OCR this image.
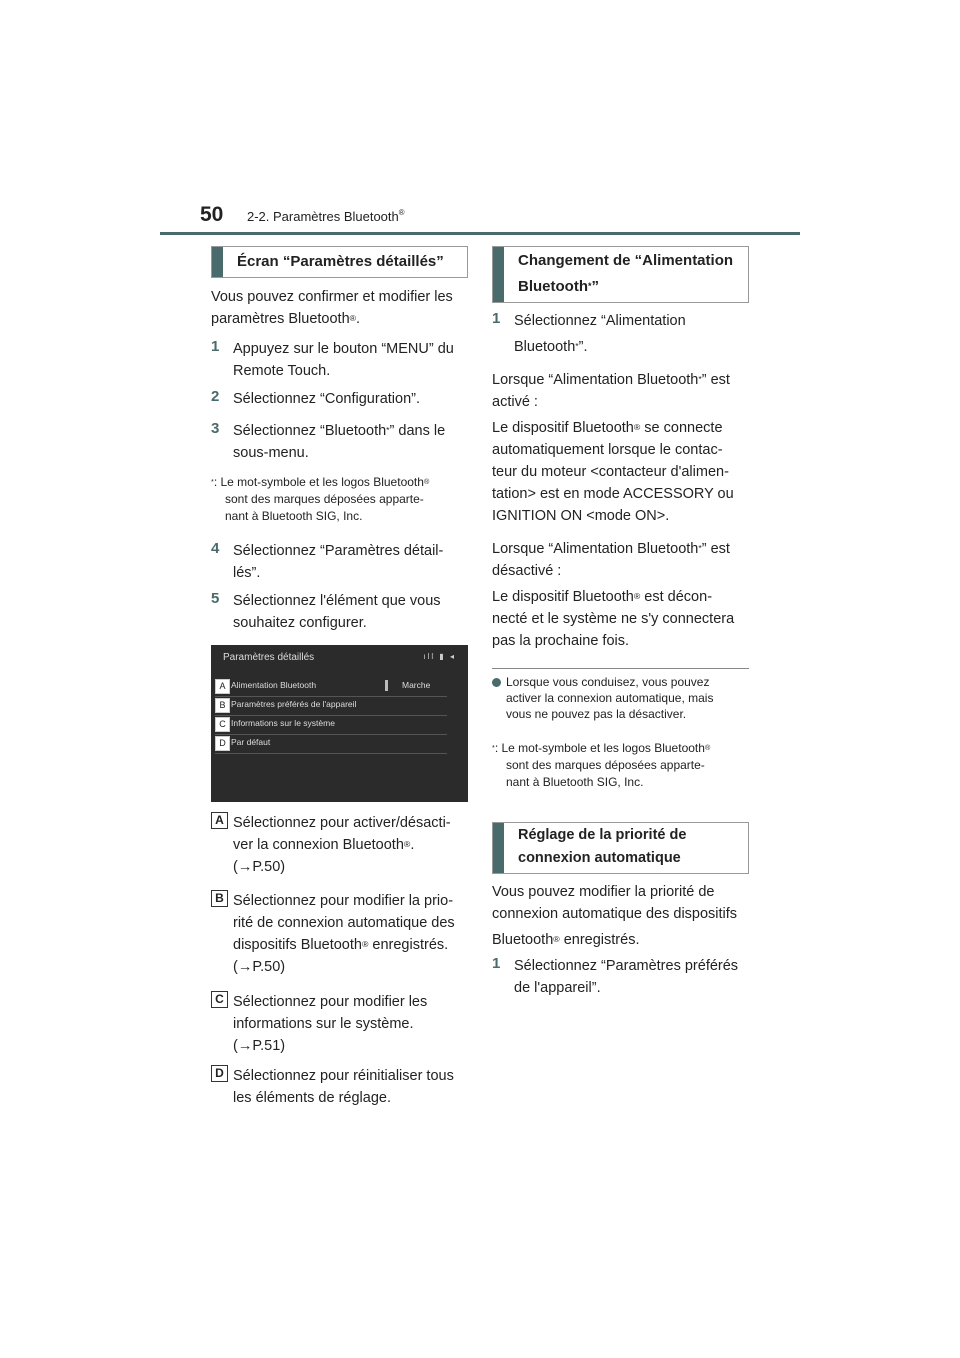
50 2-2. Paramètres Bluetooth®
Écran “Paramètres détaillés”
Vous pouvez confirmer et modifier les
paramètres Bluetooth®.
1 Appuyez sur le bouton “MENU” du
Remote Touch.
2 Sélectionnez “Configuration”.
3 Sélectionnez “Bluetooth*” dans le
sous-menu.
*: Le mot-symbole et les logos Bluetooth®
sont des marques déposées apparte-
nant à Bluetooth SIG, Inc.
4 Sélectionnez “Paramètres détail-
lés”.
5 Sélectionnez l'élément que vous
souhaitez configurer.
Paramètres détaillés	ıll ▮ ◂
A Alimentation Bluetooth	Marche
B Paramètres préférés de l'appareil
C Informations sur le système
D Par défaut
A Sélectionnez pour activer/désacti-
ver la connexion Bluetooth®.
(→P.50)
B Sélectionnez pour modifier la prio-
rité de connexion automatique des
dispositifs Bluetooth® enregistrés.
(→P.50)
C Sélectionnez pour modifier les
informations sur le système.
(→P.51)
D Sélectionnez pour réinitialiser tous
les éléments de réglage.
Changement de “Alimentation
Bluetooth*”
1 Sélectionnez “Alimentation
Bluetooth*”.
Lorsque “Alimentation Bluetooth*” est
activé :
Le dispositif Bluetooth® se connecte
automatiquement lorsque le contac-
teur du moteur <contacteur d'alimen-
tation> est en mode ACCESSORY ou
IGNITION ON <mode ON>.
Lorsque “Alimentation Bluetooth*” est
désactivé :
Le dispositif Bluetooth® est décon-
necté et le système ne s'y connectera
pas la prochaine fois.
Lorsque vous conduisez, vous pouvez
activer la connexion automatique, mais
vous ne pouvez pas la désactiver.
*: Le mot-symbole et les logos Bluetooth®
sont des marques déposées apparte-
nant à Bluetooth SIG, Inc.
Réglage de la priorité de
connexion automatique
Vous pouvez modifier la priorité de
connexion automatique des dispositifs
Bluetooth® enregistrés.
1 Sélectionnez “Paramètres préférés
de l'appareil”.
